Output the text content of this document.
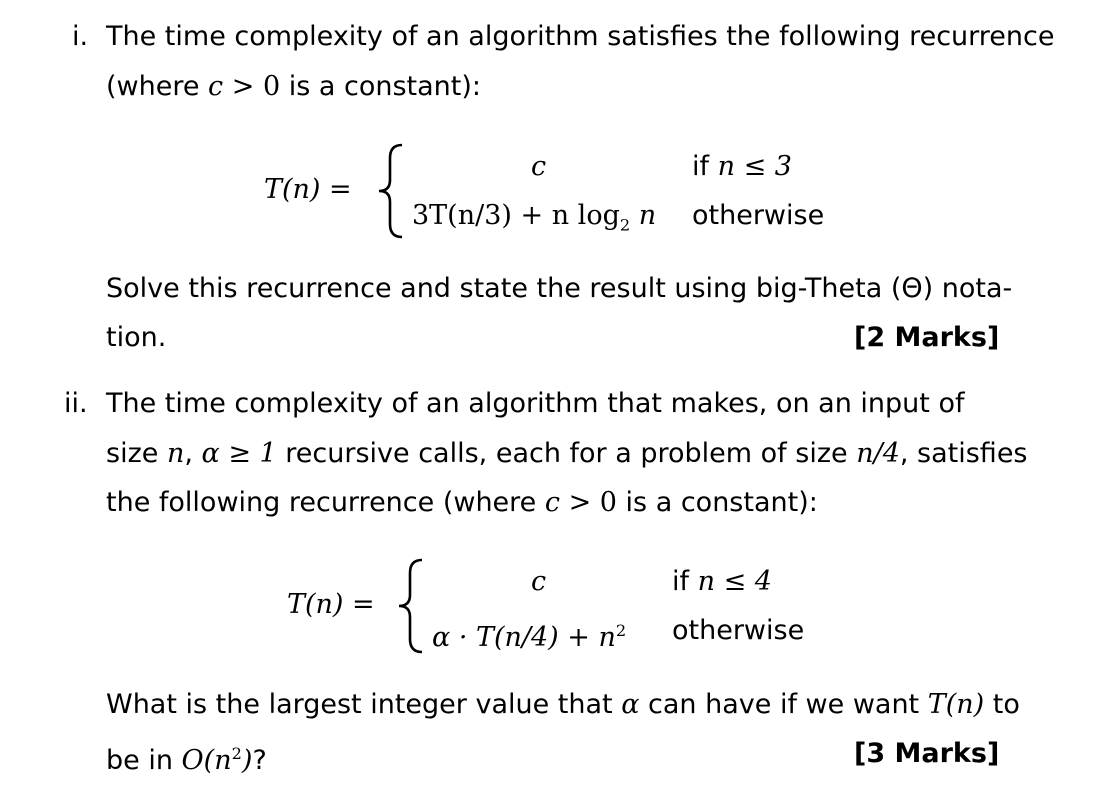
i. The time complexity of an algorithm satisfies the following recurrence
(where c > 0 is a constant):
T(n) =
c	if n ≤ 3
3T(n/3) + n $\log_2 n$ otherwise
Solve this recurrence and state the result using big-Theta (Θ) nota-
tion.	[2 Marks]
ii. The time complexity of an algorithm that makes, on an input of
size n, α ≥ 1 recursive calls, each for a problem of size n/4, satisfies
the following recurrence (where c > 0 is a constant):
T(n) =
c	if n ≤ 4
$\alpha \cdot T(n/4) + n^2$ otherwise
What is the largest integer value that α can have if we want T(n) to
be in $O(n^2)$?	[3 Marks]
